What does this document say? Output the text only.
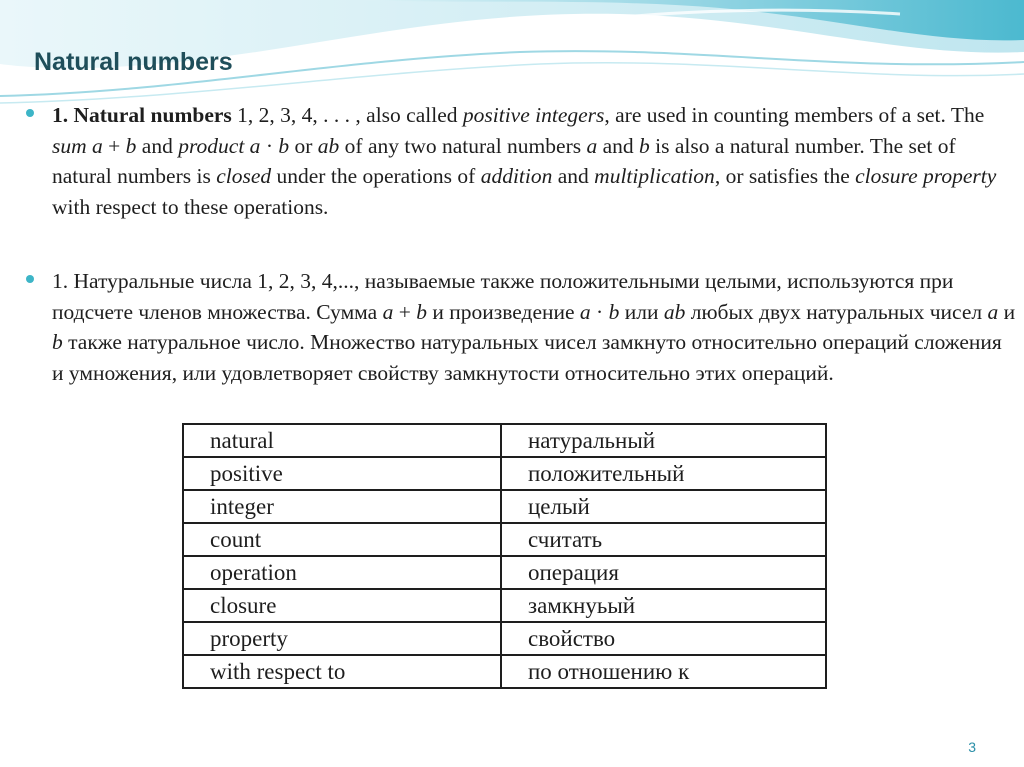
Natural numbers
1. Natural numbers 1, 2, 3, 4, . . . , also called positive integers, are used in counting members of a set. The sum a + b and product a · b or ab of any two natural numbers a and b is also a natural number. The set of natural numbers is closed under the operations of addition and multiplication, or satisfies the closure property with respect to these operations.
1. Натуральные числа 1, 2, 3, 4,..., называемые также положительными целыми, используются при подсчете членов множества. Сумма a + b и произведение a · b или ab любых двух натуральных чисел a и b также натуральное число. Множество натуральных чисел замкнуто относительно операций сложения и умножения, или удовлетворяет свойству замкнутости относительно этих операций.
natural	натуральный
positive	положительный
integer	целый
count	считать
operation	операция
closure	замкнуьый
property	свойство
with respect to	по отношению к
3
